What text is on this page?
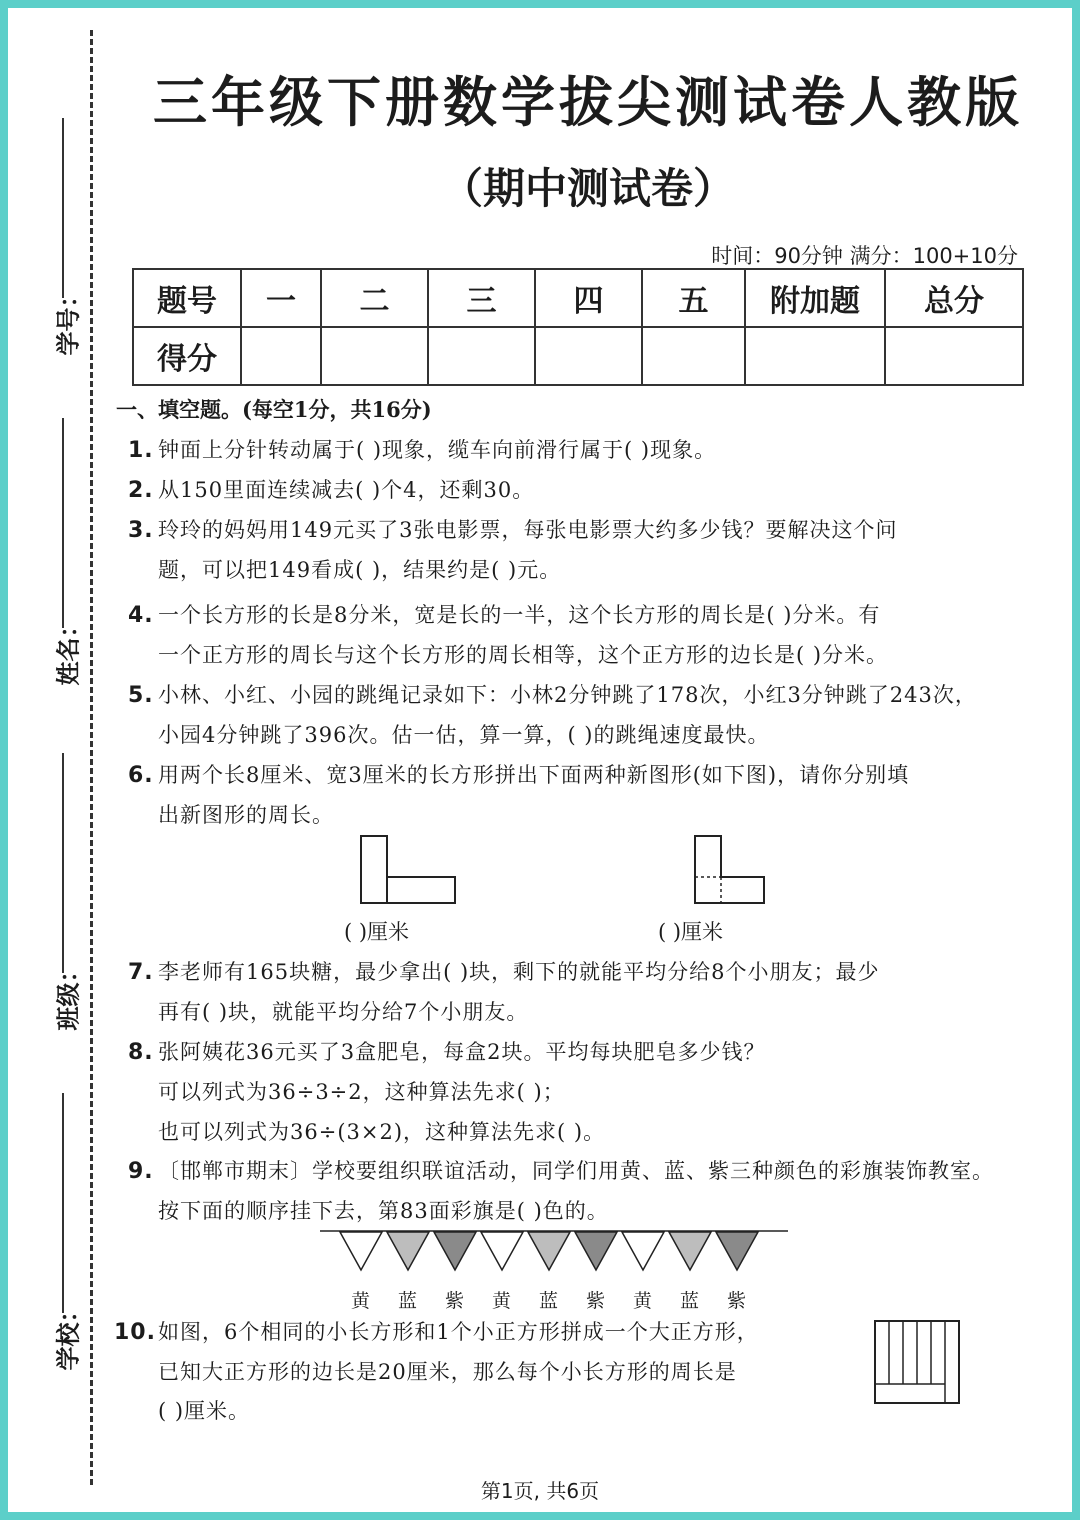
学号：
姓名：
班级：
学校：
三年级下册数学拔尖测试卷人教版
（期中测试卷）
时间：90分钟 满分：100+10分
题号	一	二	三	四	五	附加题	总分
得分							
一、填空题。(每空1分，共16分)
1. 钟面上分针转动属于( )现象，缆车向前滑行属于( )现象。
2. 从150里面连续减去( )个4，还剩30。
3. 玲玲的妈妈用149元买了3张电影票，每张电影票大约多少钱？要解决这个问
题，可以把149看成( )，结果约是( )元。
4. 一个长方形的长是8分米，宽是长的一半，这个长方形的周长是( )分米。有
一个正方形的周长与这个长方形的周长相等，这个正方形的边长是( )分米。
5. 小林、小红、小园的跳绳记录如下：小林2分钟跳了178次，小红3分钟跳了243次，
小园4分钟跳了396次。估一估，算一算，( )的跳绳速度最快。
6. 用两个长8厘米、宽3厘米的长方形拼出下面两种新图形(如下图)，请你分别填
出新图形的周长。
( )厘米	( )厘米
7. 李老师有165块糖，最少拿出( )块，剩下的就能平均分给8个小朋友；最少
再有( )块，就能平均分给7个小朋友。
8. 张阿姨花36元买了3盒肥皂，每盒2块。平均每块肥皂多少钱？
可以列式为36÷3÷2，这种算法先求( )；
也可以列式为36÷(3×2)，这种算法先求( )。
9. 〔邯郸市期末〕学校要组织联谊活动，同学们用黄、蓝、紫三种颜色的彩旗装饰教室。
按下面的顺序挂下去，第83面彩旗是( )色的。
黄 蓝 紫 黄 蓝 紫 黄 蓝 紫
10.如图，6个相同的小长方形和1个小正方形拼成一个大正方形，
已知大正方形的边长是20厘米，那么每个小长方形的周长是
( )厘米。
第1页, 共6页
